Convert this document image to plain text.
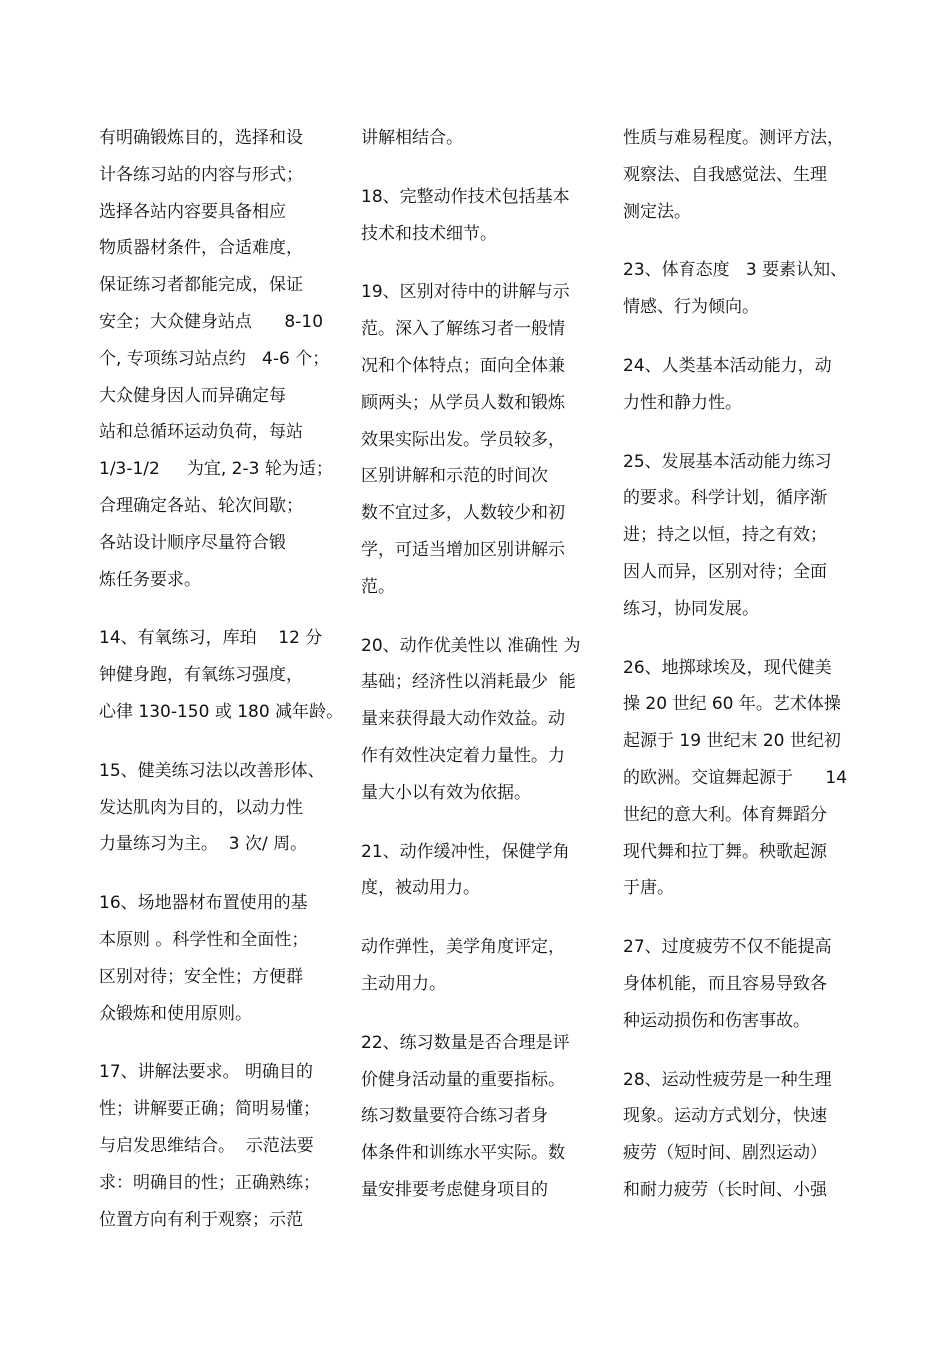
有明确锻炼目的，选择和设

计各练习站的内容与形式；

选择各站内容要具备相应

物质器材条件，合适难度，

保证练习者都能完成，保证

安全；大众健身站点      8-10

个, 专项练习站点约   4-6 个；

大众健身因人而异确定每

站和总循环运动负荷，每站

1/3-1/2     为宜, 2-3 轮为适；

合理确定各站、轮次间歇；

各站设计顺序尽量符合锻

炼任务要求。

14、有氧练习，库珀    12 分

钟健身跑，有氧练习强度，

心律 130-150 或 180 减年龄。

15、健美练习法以改善形体、

发达肌肉为目的，以动力性

力量练习为主。  3 次/ 周。

16、场地器材布置使用的基

本原则 。科学性和全面性；

区别对待；安全性；方便群

众锻炼和使用原则。

17、讲解法要求。 明确目的

性；讲解要正确；简明易懂；

与启发思维结合。  示范法要

求：明确目的性；正确熟练；

位置方向有利于观察；示范

讲解相结合。

18、完整动作技术包括基本

技术和技术细节。

19、区别对待中的讲解与示

范。深入了解练习者一般情

况和个体特点；面向全体兼

顾两头；从学员人数和锻炼

效果实际出发。学员较多，

区别讲解和示范的时间次

数不宜过多，人数较少和初

学，可适当增加区别讲解示

范。

20、动作优美性以 准确性 为

基础；经济性以消耗最少  能

量来获得最大动作效益。动

作有效性决定着力量性。力

量大小以有效为依据。

21、动作缓冲性，保健学角

度，被动用力。

动作弹性，美学角度评定，

主动用力。

22、练习数量是否合理是评

价健身活动量的重要指标。

练习数量要符合练习者身

体条件和训练水平实际。数

量安排要考虑健身项目的

性质与难易程度。测评方法，

观察法、自我感觉法、生理

测定法。

23、体育态度   3 要素认知、

情感、行为倾向。

24、人类基本活动能力，动

力性和静力性。

25、发展基本活动能力练习

的要求。科学计划，循序渐

进；持之以恒，持之有效；

因人而异，区别对待；全面

练习，协同发展。

26、地掷球埃及，现代健美

操 20 世纪 60 年。艺术体操

起源于 19 世纪末 20 世纪初

的欧洲。交谊舞起源于      14

世纪的意大利。体育舞蹈分

现代舞和拉丁舞。秧歌起源

于唐。

27、过度疲劳不仅不能提高

身体机能，而且容易导致各

种运动损伤和伤害事故。

28、运动性疲劳是一种生理

现象。运动方式划分，快速

疲劳（短时间、剧烈运动）

和耐力疲劳（长时间、小强
